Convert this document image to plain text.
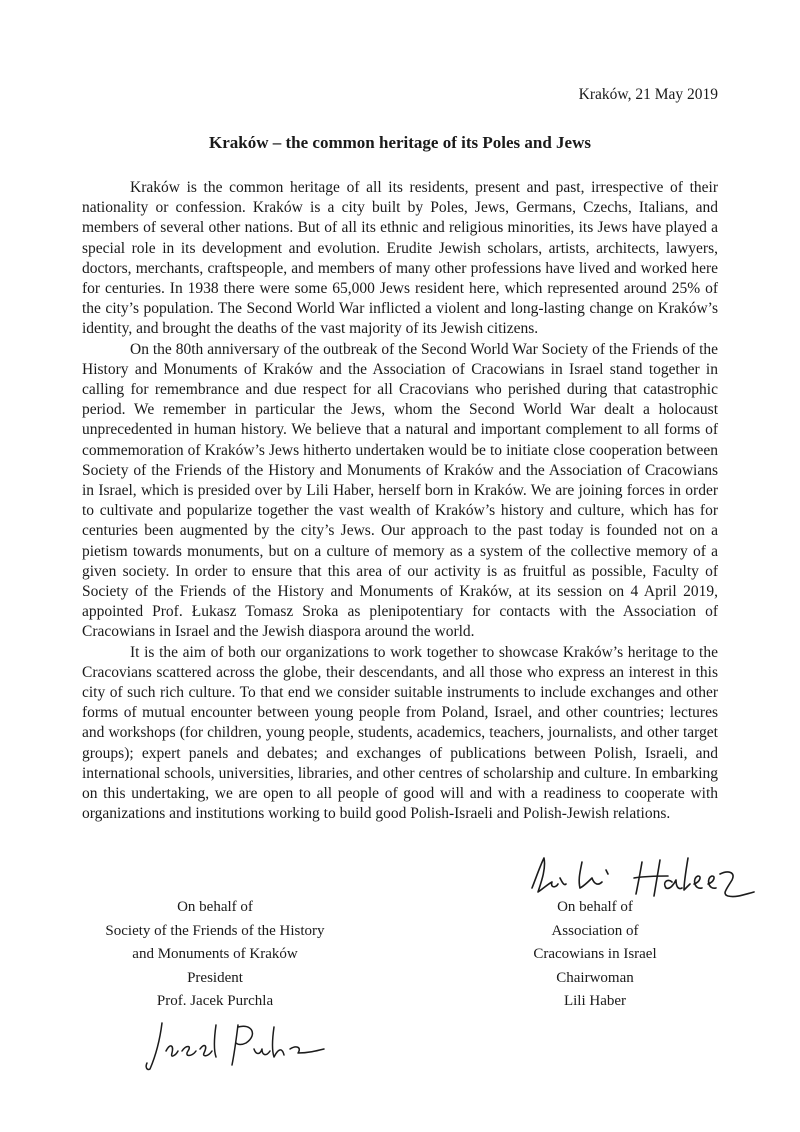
Kraków, 21 May 2019
Kraków – the common heritage of its Poles and Jews

Kraków is the common heritage of all its residents, present and past, irrespective of their nationality or confession. Kraków is a city built by Poles, Jews, Germans, Czechs, Italians, and members of several other nations. But of all its ethnic and religious minorities, its Jews have played a special role in its development and evolution. Erudite Jewish scholars, artists, architects, lawyers, doctors, merchants, craftspeople, and members of many other professions have lived and worked here for centuries. In 1938 there were some 65,000 Jews resident here, which represented around 25% of the city’s population. The Second World War inflicted a violent and long-lasting change on Kraków’s identity, and brought the deaths of the vast majority of its Jewish citizens.

On the 80th anniversary of the outbreak of the Second World War Society of the Friends of the History and Monuments of Kraków and the Association of Cracowians in Israel stand together in calling for remembrance and due respect for all Cracovians who perished during that catastrophic period. We remember in particular the Jews, whom the Second World War dealt a holocaust unprecedented in human history. We believe that a natural and important complement to all forms of commemoration of Kraków’s Jews hitherto undertaken would be to initiate close cooperation between Society of the Friends of the History and Monuments of Kraków and the Association of Cracowians in Israel, which is presided over by Lili Haber, herself born in Kraków. We are joining forces in order to cultivate and popularize together the vast wealth of Kraków’s history and culture, which has for centuries been augmented by the city’s Jews. Our approach to the past today is founded not on a pietism towards monuments, but on a culture of memory as a system of the collective memory of a given society. In order to ensure that this area of our activity is as fruitful as possible, Faculty of Society of the Friends of the History and Monuments of Kraków, at its session on 4 April 2019, appointed Prof. Łukasz Tomasz Sroka as plenipotentiary for contacts with the Association of Cracowians in Israel and the Jewish diaspora around the world.

It is the aim of both our organizations to work together to showcase Kraków’s heritage to the Cracovians scattered across the globe, their descendants, and all those who express an interest in this city of such rich culture. To that end we consider suitable instruments to include exchanges and other forms of mutual encounter between young people from Poland, Israel, and other countries; lectures and workshops (for children, young people, students, academics, teachers, journalists, and other target groups); expert panels and debates; and exchanges of publications between Polish, Israeli, and international schools, universities, libraries, and other centres of scholarship and culture. In embarking on this undertaking, we are open to all people of good will and with a readiness to cooperate with organizations and institutions working to build good Polish-Israeli and Polish-Jewish relations.

On behalf of
Society of the Friends of the History
and Monuments of Kraków
President
Prof. Jacek Purchla
On behalf of
Association of
Cracowians in Israel
Chairwoman
Lili Haber
